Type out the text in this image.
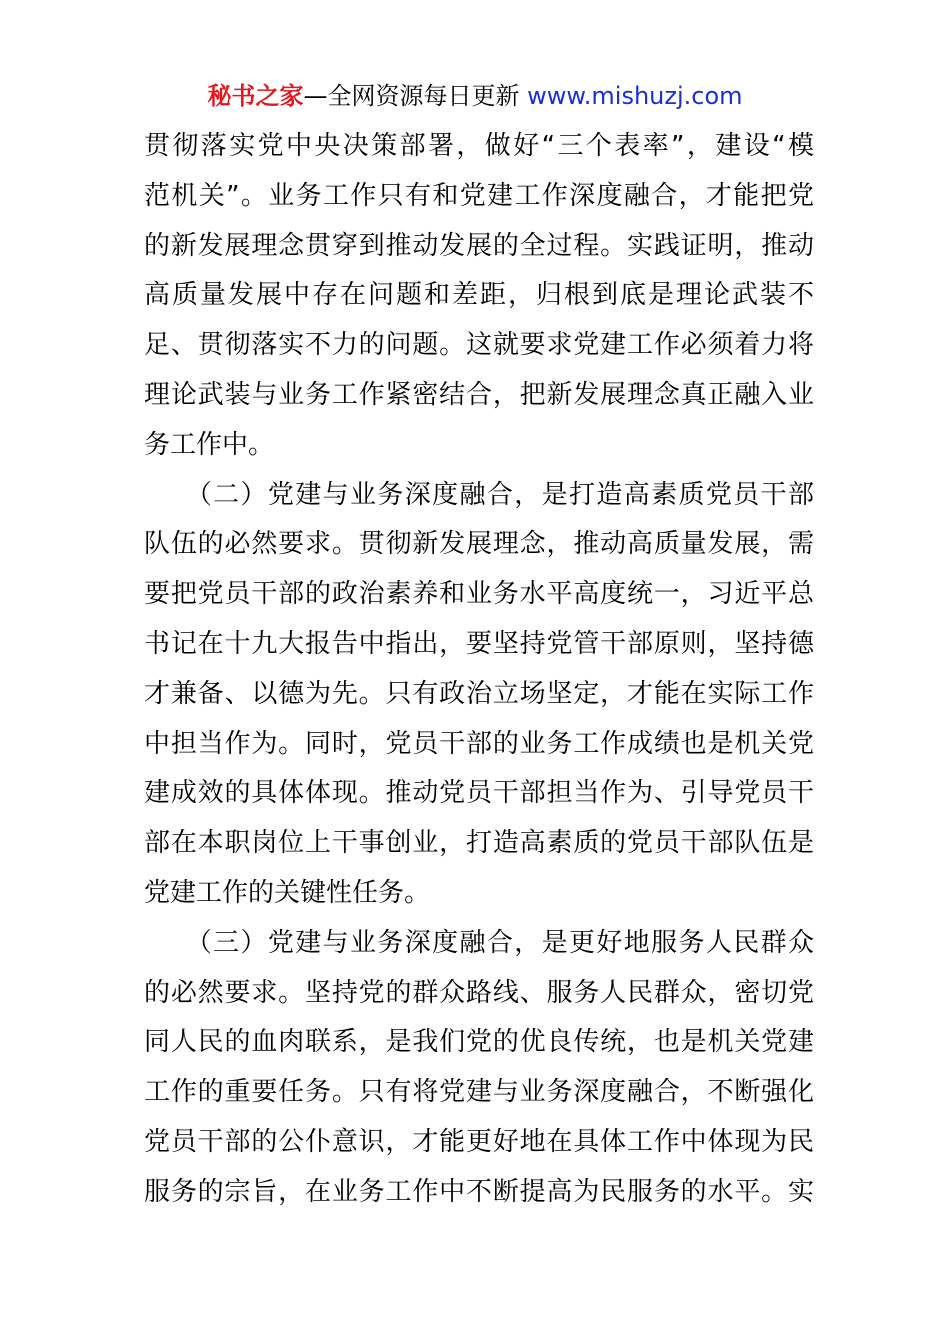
秘书之家—全网资源每日更新 www.mishuzj.com
贯彻落实党中央决策部署，做好“三个表率”，建设“模
范机关”。业务工作只有和党建工作深度融合，才能把党
的新发展理念贯穿到推动发展的全过程。实践证明，推动
高质量发展中存在问题和差距，归根到底是理论武装不
足、贯彻落实不力的问题。这就要求党建工作必须着力将
理论武装与业务工作紧密结合，把新发展理念真正融入业
务工作中。
　　（二）党建与业务深度融合，是打造高素质党员干部
队伍的必然要求。贯彻新发展理念，推动高质量发展，需
要把党员干部的政治素养和业务水平高度统一，习近平总
书记在十九大报告中指出，要坚持党管干部原则，坚持德
才兼备、以德为先。只有政治立场坚定，才能在实际工作
中担当作为。同时，党员干部的业务工作成绩也是机关党
建成效的具体体现。推动党员干部担当作为、引导党员干
部在本职岗位上干事创业，打造高素质的党员干部队伍是
党建工作的关键性任务。
　　（三）党建与业务深度融合，是更好地服务人民群众
的必然要求。坚持党的群众路线、服务人民群众，密切党
同人民的血肉联系，是我们党的优良传统，也是机关党建
工作的重要任务。只有将党建与业务深度融合，不断强化
党员干部的公仆意识，才能更好地在具体工作中体现为民
服务的宗旨，在业务工作中不断提高为民服务的水平。实
